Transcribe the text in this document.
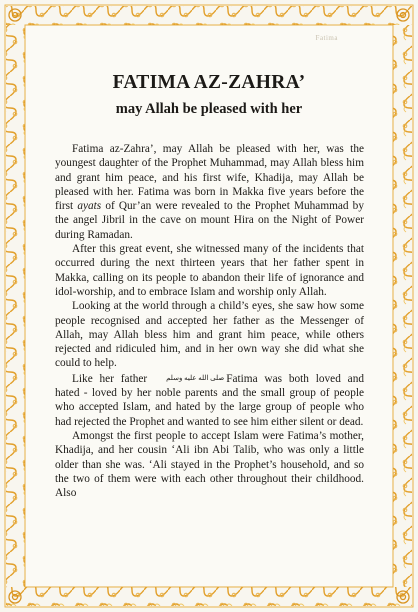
Fatima
FATIMA AZ-ZAHRA’
may Allah be pleased with her

Fatima az-Zahra’, may Allah be pleased with her, was the youngest daughter of the Prophet Muhammad, may Allah bless him and grant him peace, and his first wife, Khadija, may Allah be pleased with her. Fatima was born in Makka five years before the first ayats of Qur’an were revealed to the Prophet Muhammad by the angel Jibril in the cave on mount Hira on the Night of Power during Ramadan.

After this great event, she witnessed many of the incidents that occurred during the next thirteen years that her father spent in Makka, calling on its people to abandon their life of ignorance and idol-worship, and to embrace Islam and worship only Allah.

Looking at the world through a child’s eyes, she saw how some people recognised and accepted her father as the Messenger of Allah, may Allah bless him and grant him peace, while others rejected and ridiculed him, and in her own way she did what she could to help.

Like her father	صلى الله عليه وسلم Fatima was both loved and hated - loved by her noble parents and the small group of people who accepted Islam, and hated by the large group of people who had rejected the Prophet and wanted to see him either silent or dead.

Amongst the first people to accept Islam were Fatima’s mother, Khadija, and her cousin ‘Ali ibn Abi Talib, who was only a little older than she was. ‘Ali stayed in the Prophet’s household, and so the two of them were with each other throughout their childhood. Also
